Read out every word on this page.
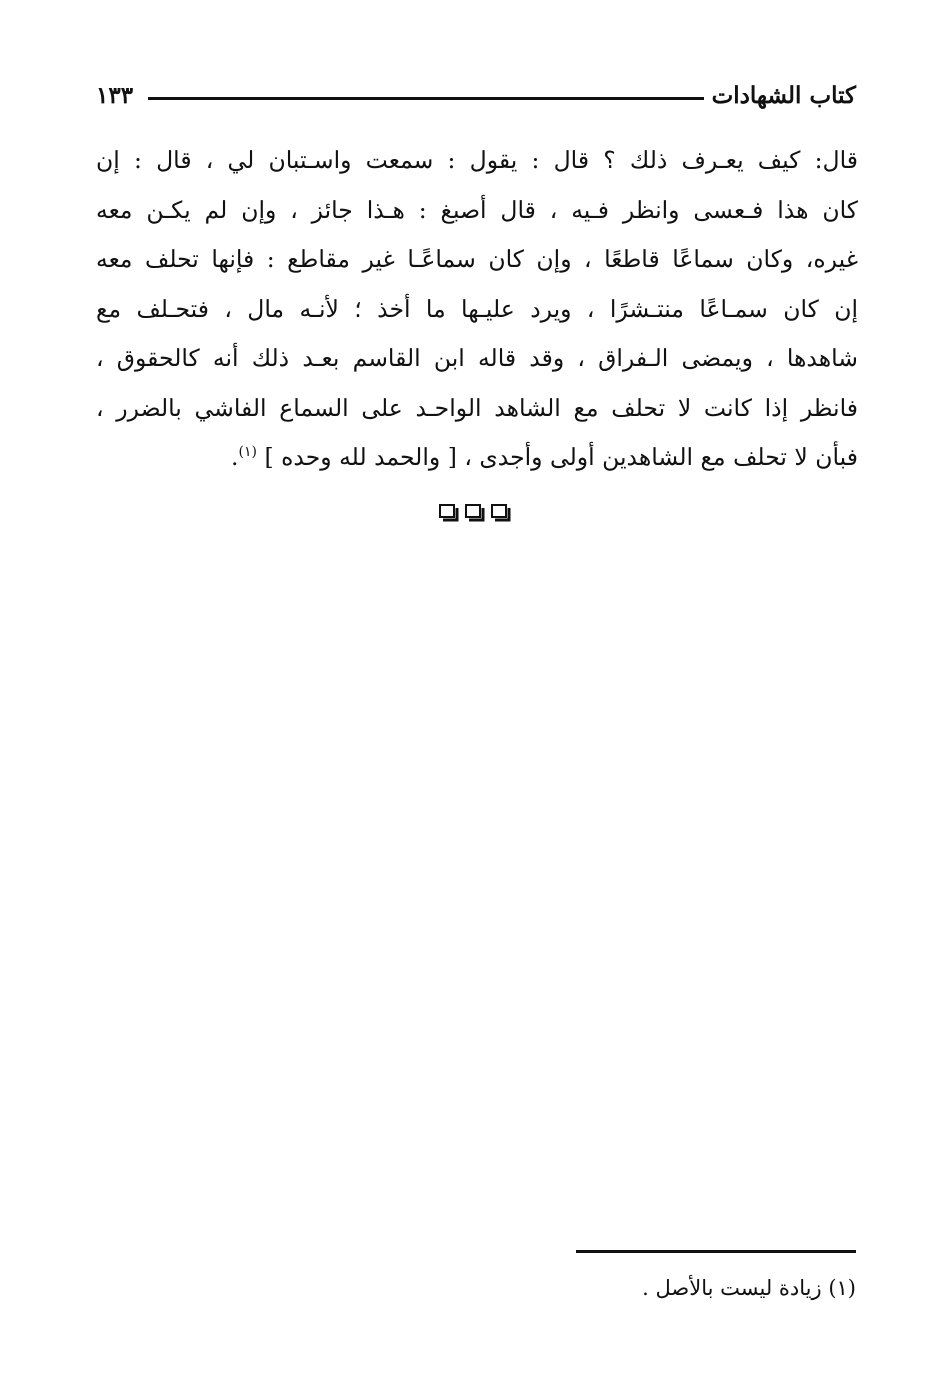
كتاب الشهادات
١٣٣
قال: كيف يعـرف ذلك ؟ قال : يقول : سمعت واسـتبان لي ، قال : إن
كان هذا فـعسى وانظر فـيه ، قال أصبغ : هـذا جائز ، وإن لم يكـن معه
غيره، وكان سماعًا قاطعًا ، وإن كان سماعًـا غير مقاطع : فإنها تحلف معه
إن كان سمـاعًا منتـشرًا ، ويرد عليـها ما أخذ ؛ لأنـه مال ، فتحـلف مع
شاهدها ، ويمضى الـفراق ، وقد قاله ابن القاسم بعـد ذلك أنه كالحقوق ،
فانظر إذا كانت لا تحلف مع الشاهد الواحـد على السماع الفاشي بالضرر ،
فبأن لا تحلف مع الشاهدين أولى وأجدى ، [ والحمد لله وحده ] $^{(١)}$.
(١) زيادة ليست بالأصل .
